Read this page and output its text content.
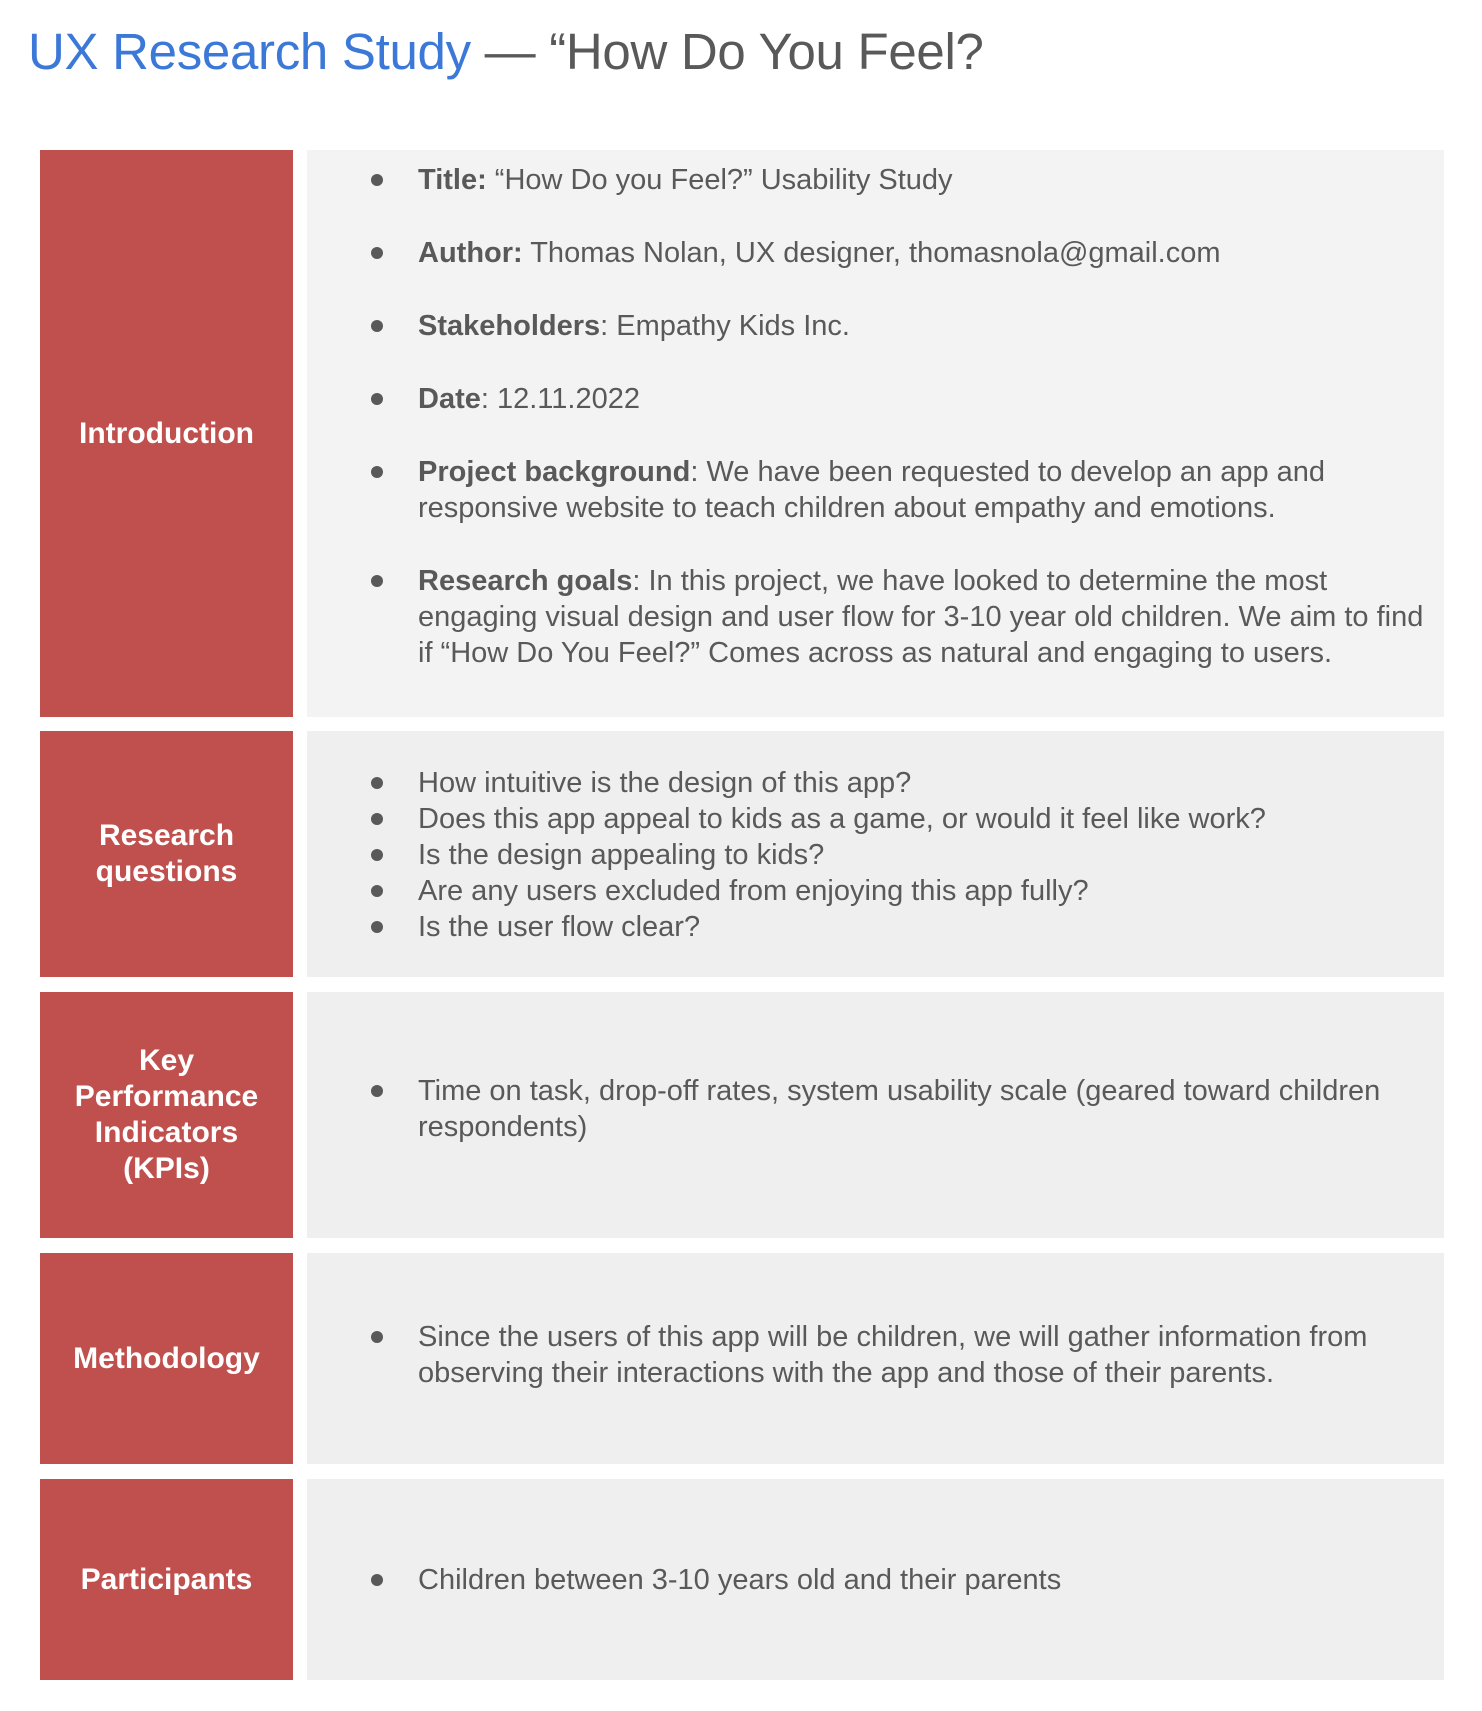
UX Research Study — “How Do You Feel?
Introduction
Title: “How Do you Feel?” Usability Study
Author: Thomas Nolan, UX designer, thomasnola@gmail.com
Stakeholders: Empathy Kids Inc.
Date: 12.11.2022
Project background: We have been requested to develop an app and responsive website to teach children about empathy and emotions.
Research goals: In this project, we have looked to determine the most engaging visual design and user flow for 3-10 year old children. We aim to find if “How Do You Feel?” Comes across as natural and engaging to users.
Research
questions
How intuitive is the design of this app?
Does this app appeal to kids as a game, or would it feel like work?
Is the design appealing to kids?
Are any users excluded from enjoying this app fully?
Is the user flow clear?
Key
Performance
Indicators
(KPIs)
Time on task, drop-off rates, system usability scale (geared toward children respondents)
Methodology
Since the users of this app will be children, we will gather information from observing their interactions with the app and those of their parents.
Participants	Children between 3-10 years old and their parents
